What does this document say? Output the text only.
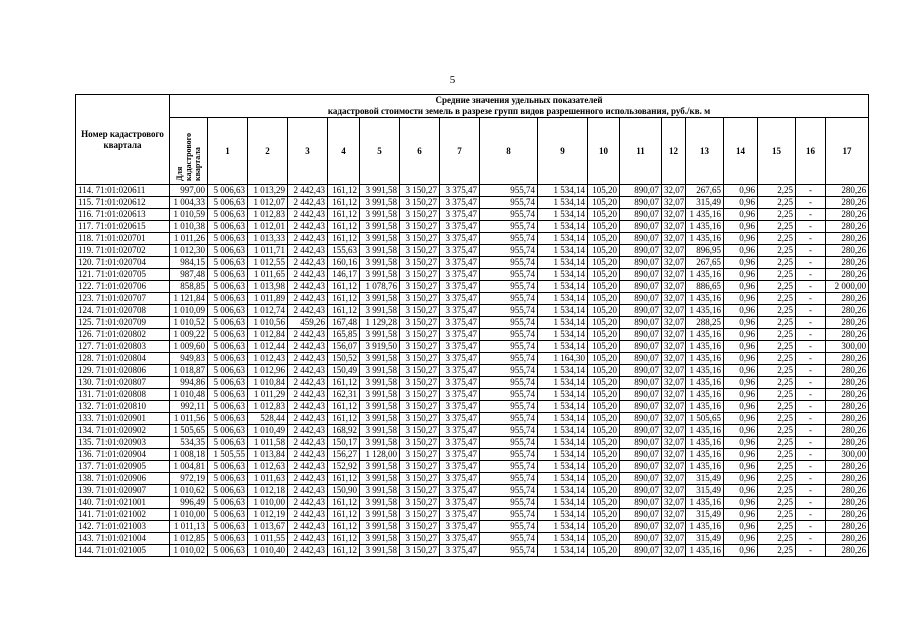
5
Номер кадастрового квартала	Средние значения удельных показателей
кадастровой стоимости земель в разрезе групп видов разрешенного использования, руб./кв. м																	

	Для кадастрового квартала	1	2	3	4	5	6	7	8	9	10	11	12	13	14	15	16	17
114. 71:01:020611	997,00	5 006,63	1 013,29	2 442,43	161,12	3 991,58	3 150,27	3 375,47	955,74	1 534,14	105,20	890,07	32,07	267,65	0,96	2,25	-	280,26
115. 71:01:020612	1 004,33	5 006,63	1 012,07	2 442,43	161,12	3 991,58	3 150,27	3 375,47	955,74	1 534,14	105,20	890,07	32,07	315,49	0,96	2,25	-	280,26
116. 71:01:020613	1 010,59	5 006,63	1 012,83	2 442,43	161,12	3 991,58	3 150,27	3 375,47	955,74	1 534,14	105,20	890,07	32,07	1 435,16	0,96	2,25	-	280,26
117. 71:01:020615	1 010,38	5 006,63	1 012,01	2 442,43	161,12	3 991,58	3 150,27	3 375,47	955,74	1 534,14	105,20	890,07	32,07	1 435,16	0,96	2,25	-	280,26
118. 71:01:020701	1 011,26	5 006,63	1 013,33	2 442,43	161,12	3 991,58	3 150,27	3 375,47	955,74	1 534,14	105,20	890,07	32,07	1 435,16	0,96	2,25	-	280,26
119. 71:01:020702	1 012,30	5 006,63	1 011,71	2 442,43	155,63	3 991,58	3 150,27	3 375,47	955,74	1 534,14	105,20	890,07	32,07	896,95	0,96	2,25	-	280,26
120. 71:01:020704	984,15	5 006,63	1 012,55	2 442,43	160,16	3 991,58	3 150,27	3 375,47	955,74	1 534,14	105,20	890,07	32,07	267,65	0,96	2,25	-	280,26
121. 71:01:020705	987,48	5 006,63	1 011,65	2 442,43	146,17	3 991,58	3 150,27	3 375,47	955,74	1 534,14	105,20	890,07	32,07	1 435,16	0,96	2,25	-	280,26
122. 71:01:020706	858,85	5 006,63	1 013,98	2 442,43	161,12	1 078,76	3 150,27	3 375,47	955,74	1 534,14	105,20	890,07	32,07	886,65	0,96	2,25	-	2 000,00
123. 71:01:020707	1 121,84	5 006,63	1 011,89	2 442,43	161,12	3 991,58	3 150,27	3 375,47	955,74	1 534,14	105,20	890,07	32,07	1 435,16	0,96	2,25	-	280,26
124. 71:01:020708	1 010,09	5 006,63	1 012,74	2 442,43	161,12	3 991,58	3 150,27	3 375,47	955,74	1 534,14	105,20	890,07	32,07	1 435,16	0,96	2,25	-	280,26
125. 71:01:020709	1 010,52	5 006,63	1 010,56	459,26	167,48	1 129,28	3 150,27	3 375,47	955,74	1 534,14	105,20	890,07	32,07	288,25	0,96	2,25	-	280,26
126. 71:01:020802	1 009,22	5 006,63	1 012,84	2 442,43	165,85	3 991,58	3 150,27	3 375,47	955,74	1 534,14	105,20	890,07	32,07	1 435,16	0,96	2,25	-	280,26
127. 71:01:020803	1 009,60	5 006,63	1 012,44	2 442,43	156,07	3 919,50	3 150,27	3 375,47	955,74	1 534,14	105,20	890,07	32,07	1 435,16	0,96	2,25	-	300,00
128. 71:01:020804	949,83	5 006,63	1 012,43	2 442,43	150,52	3 991,58	3 150,27	3 375,47	955,74	1 164,30	105,20	890,07	32,07	1 435,16	0,96	2,25	-	280,26
129. 71:01:020806	1 018,87	5 006,63	1 012,96	2 442,43	150,49	3 991,58	3 150,27	3 375,47	955,74	1 534,14	105,20	890,07	32,07	1 435,16	0,96	2,25	-	280,26
130. 71:01:020807	994,86	5 006,63	1 010,84	2 442,43	161,12	3 991,58	3 150,27	3 375,47	955,74	1 534,14	105,20	890,07	32,07	1 435,16	0,96	2,25	-	280,26
131. 71:01:020808	1 010,48	5 006,63	1 011,29	2 442,43	162,31	3 991,58	3 150,27	3 375,47	955,74	1 534,14	105,20	890,07	32,07	1 435,16	0,96	2,25	-	280,26
132. 71:01:020810	992,11	5 006,63	1 012,83	2 442,43	161,12	3 991,58	3 150,27	3 375,47	955,74	1 534,14	105,20	890,07	32,07	1 435,16	0,96	2,25	-	280,26
133. 71:01:020901	1 011,56	5 006,63	528,44	2 442,43	161,12	3 991,58	3 150,27	3 375,47	955,74	1 534,14	105,20	890,07	32,07	1 505,65	0,96	2,25	-	280,26
134. 71:01:020902	1 505,65	5 006,63	1 010,49	2 442,43	168,92	3 991,58	3 150,27	3 375,47	955,74	1 534,14	105,20	890,07	32,07	1 435,16	0,96	2,25	-	280,26
135. 71:01:020903	534,35	5 006,63	1 011,58	2 442,43	150,17	3 991,58	3 150,27	3 375,47	955,74	1 534,14	105,20	890,07	32,07	1 435,16	0,96	2,25	-	280,26
136. 71:01:020904	1 008,18	1 505,55	1 013,84	2 442,43	156,27	1 128,00	3 150,27	3 375,47	955,74	1 534,14	105,20	890,07	32,07	1 435,16	0,96	2,25	-	300,00
137. 71:01:020905	1 004,81	5 006,63	1 012,63	2 442,43	152,92	3 991,58	3 150,27	3 375,47	955,74	1 534,14	105,20	890,07	32,07	1 435,16	0,96	2,25	-	280,26
138. 71:01:020906	972,19	5 006,63	1 011,63	2 442,43	161,12	3 991,58	3 150,27	3 375,47	955,74	1 534,14	105,20	890,07	32,07	315,49	0,96	2,25	-	280,26
139. 71:01:020907	1 010,62	5 006,63	1 012,18	2 442,43	150,90	3 991,58	3 150,27	3 375,47	955,74	1 534,14	105,20	890,07	32,07	315,49	0,96	2,25	-	280,26
140. 71:01:021001	996,49	5 006,63	1 010,00	2 442,43	161,12	3 991,58	3 150,27	3 375,47	955,74	1 534,14	105,20	890,07	32,07	1 435,16	0,96	2,25	-	280,26
141. 71:01:021002	1 010,00	5 006,63	1 012,19	2 442,43	161,12	3 991,58	3 150,27	3 375,47	955,74	1 534,14	105,20	890,07	32,07	315,49	0,96	2,25	-	280,26
142. 71:01:021003	1 011,13	5 006,63	1 013,67	2 442,43	161,12	3 991,58	3 150,27	3 375,47	955,74	1 534,14	105,20	890,07	32,07	1 435,16	0,96	2,25	-	280,26
143. 71:01:021004	1 012,85	5 006,63	1 011,55	2 442,43	161,12	3 991,58	3 150,27	3 375,47	955,74	1 534,14	105,20	890,07	32,07	315,49	0,96	2,25	-	280,26
144. 71:01:021005	1 010,02	5 006,63	1 010,40	2 442,43	161,12	3 991,58	3 150,27	3 375,47	955,74	1 534,14	105,20	890,07	32,07	1 435,16	0,96	2,25	-	280,26
